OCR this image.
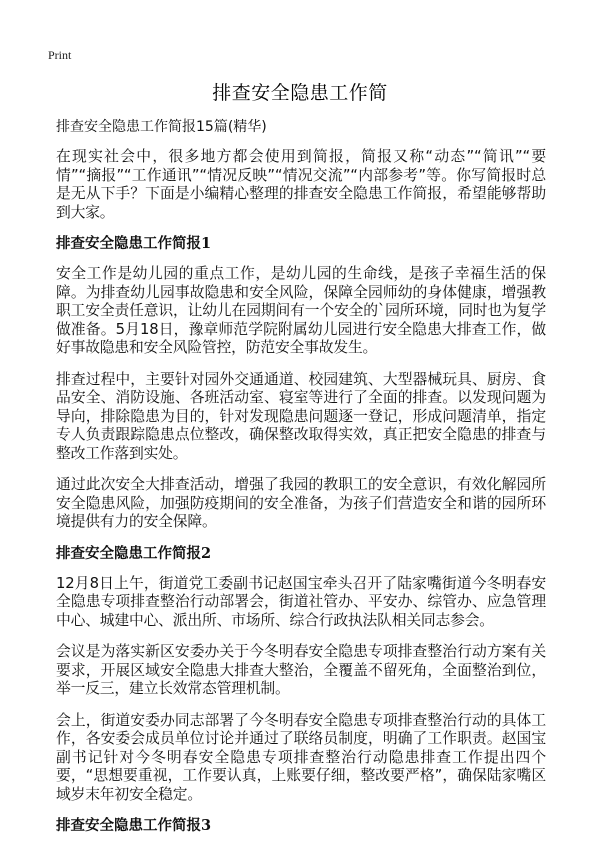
Print
排查安全隐患工作简

排查安全隐患工作简报15篇(精华)

在现实社会中，很多地方都会使用到简报，简报又称“动态”“简讯”“要情”“摘报”“工作通讯”“情况反映”“情况交流”“内部参考”等。你写简报时总是无从下手？下面是小编精心整理的排查安全隐患工作简报，希望能够帮助到大家。

排查安全隐患工作简报1

安全工作是幼儿园的重点工作，是幼儿园的生命线，是孩子幸福生活的保障。为排查幼儿园事故隐患和安全风险，保障全园师幼的身体健康，增强教职工安全责任意识，让幼儿在园期间有一个安全的`园所环境，同时也为复学做准备。5月18日，豫章师范学院附属幼儿园进行安全隐患大排查工作，做好事故隐患和安全风险管控，防范安全事故发生。

排查过程中，主要针对园外交通通道、校园建筑、大型器械玩具、厨房、食品安全、消防设施、各班活动室、寝室等进行了全面的排查。以发现问题为导向，排除隐患为目的，针对发现隐患问题逐一登记，形成问题清单，指定专人负责跟踪隐患点位整改，确保整改取得实效，真正把安全隐患的排查与整改工作落到实处。

通过此次安全大排查活动，增强了我园的教职工的安全意识，有效化解园所安全隐患风险，加强防疫期间的安全准备，为孩子们营造安全和谐的园所环境提供有力的安全保障。

排查安全隐患工作简报2

12月8日上午，街道党工委副书记赵国宝牵头召开了陆家嘴街道今冬明春安全隐患专项排查整治行动部署会，街道社管办、平安办、综管办、应急管理中心、城建中心、派出所、市场所、综合行政执法队相关同志参会。

会议是为落实新区安委办关于今冬明春安全隐患专项排查整治行动方案有关要求，开展区域安全隐患大排查大整治，全覆盖不留死角，全面整治到位，举一反三，建立长效常态管理机制。

会上，街道安委办同志部署了今冬明春安全隐患专项排查整治行动的具体工作，各安委会成员单位讨论并通过了联络员制度，明确了工作职责。赵国宝副书记针对今冬明春安全隐患专项排查整治行动隐患排查工作提出四个要，“思想要重视，工作要认真，上账要仔细，整改要严格”，确保陆家嘴区域岁末年初安全稳定。

排查安全隐患工作简报3
